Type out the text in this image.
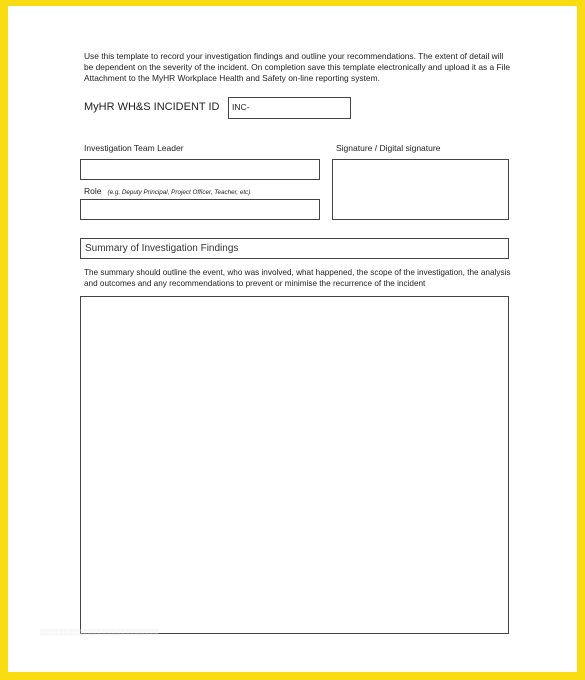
Use this template to record your investigation findings and outline your recommendations. The extent of detail will be dependent on the severity of the incident. On completion save this template electronically and upload it as a File Attachment to the MyHR Workplace Health and Safety on-line reporting system.
MyHR WH&S INCIDENT ID INC-
Investigation Team Leader
Role (e.g. Deputy Principal, Project Officer, Teacher, etc)
Signature / Digital signature
Summary of Investigation Findings
The summary should outline the event, who was involved, what happened, the scope of the investigation, the analysis and outcomes and any recommendations to prevent or minimise the recurrence of the incident
▒▒▒▒▒▒▒▒▒▒▒▒▒▒▒▒▒▒▒▒▒▒▒▒▒
